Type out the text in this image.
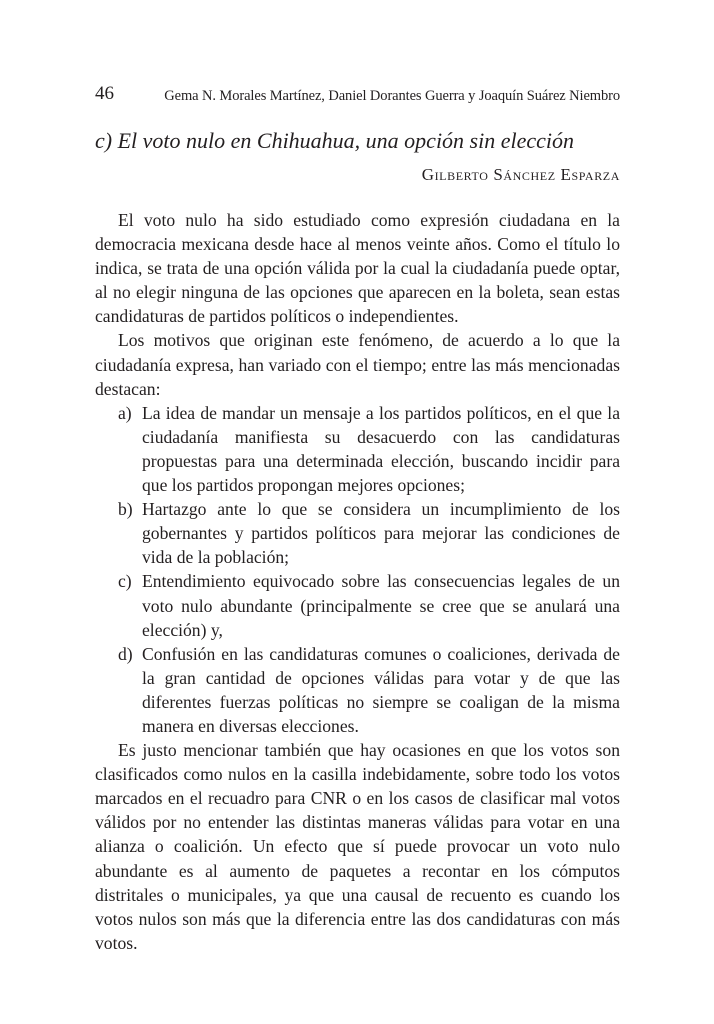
46	Gema N. Morales Martínez, Daniel Dorantes Guerra y Joaquín Suárez Niembro
c) El voto nulo en Chihuahua, una opción sin elección
Gilberto Sánchez Esparza

El voto nulo ha sido estudiado como expresión ciudadana en la democracia mexicana desde hace al menos veinte años. Como el título lo indica, se trata de una opción válida por la cual la ciudadanía puede optar, al no elegir ninguna de las opciones que aparecen en la boleta, sean estas candidaturas de partidos políticos o independientes.

Los motivos que originan este fenómeno, de acuerdo a lo que la ciudadanía expresa, han variado con el tiempo; entre las más mencionadas destacan:

a) La idea de mandar un mensaje a los partidos políticos, en el que la ciudadanía manifiesta su desacuerdo con las candidaturas propuestas para una determinada elección, buscando incidir para que los partidos propongan mejores opciones;
b) Hartazgo ante lo que se considera un incumplimiento de los gobernantes y partidos políticos para mejorar las condiciones de vida de la población;
c) Entendimiento equivocado sobre las consecuencias legales de un voto nulo abundante (principalmente se cree que se anulará una elección) y,
d) Confusión en las candidaturas comunes o coaliciones, derivada de la gran cantidad de opciones válidas para votar y de que las diferentes fuerzas políticas no siempre se coaligan de la misma manera en diversas elecciones.

Es justo mencionar también que hay ocasiones en que los votos son clasificados como nulos en la casilla indebidamente, sobre todo los votos marcados en el recuadro para CNR o en los casos de clasificar mal votos válidos por no entender las distintas maneras válidas para votar en una alianza o coalición. Un efecto que sí puede provocar un voto nulo abundante es al aumento de paquetes a recontar en los cómputos distritales o municipales, ya que una causal de recuento es cuando los votos nulos son más que la diferencia entre las dos candidaturas con más votos.
